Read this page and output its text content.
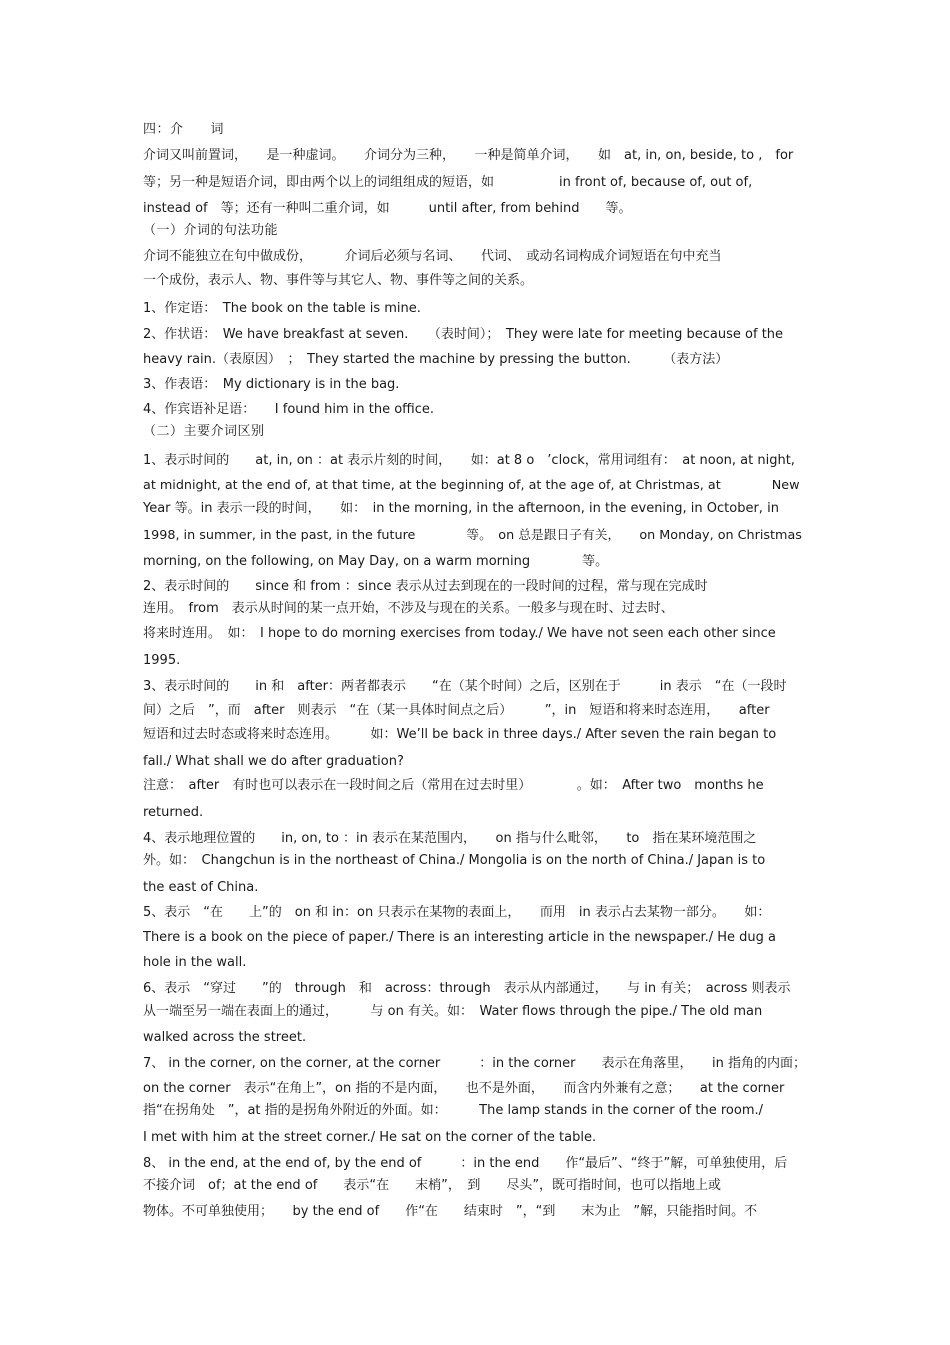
四：介　　词
介词又叫前置词，　　是一种虚词。　　介词分为三种，　　一种是简单介词，　　如　at, in, on, beside, to ,　for
等；另一种是短语介词，即由两个以上的词组组成的短语，如　　　　　in front of, because of, out of,
instead of　等；还有一种叫二重介词，如　　　until after, from behind　　等。
（一）介词的句法功能
介词不能独立在句中做成份，　　　介词后必须与名词、　　代词、　或动名词构成介词短语在句中充当
一个成份，表示人、物、事件等与其它人、物、事件等之间的关系。
1、作定语：　The book on the table is mine.
2、作状语：　We have breakfast at seven.　　（表时间）；　They were late for meeting because of the
heavy rain.（表原因）　；　They started the machine by pressing the button.　　　（表方法）
3、作表语：　My dictionary is in the bag.
4、作宾语补足语：　　I found him in the office.
（二）主要介词区别
1、表示时间的　　at, in, on ：at 表示片刻的时间，　　如：at 8 o　’clock，常用词组有：　at noon, at night,
at midnight, at the end of, at that time, at the beginning of, at the age of, at Christmas, at　　　　New
Year 等。in 表示一段的时间，　　如：　in the morning, in the afternoon, in the evening, in October, in
1998, in summer, in the past, in the future　　　　等。　on 总是跟日子有关，　　on Monday, on Christmas
morning, on the following, on May Day, on a warm morning　　　　等。
2、表示时间的　　since 和 from ：since 表示从过去到现在的一段时间的过程，常与现在完成时
连用。　from　表示从时间的某一点开始，不涉及与现在的关系。一般多与现在时、过去时、
将来时连用。　如：　I hope to do morning exercises from today./ We have not seen each other since
1995.
3、表示时间的　　in 和　after：两者都表示　　“在（某个时间）之后，区别在于　　　in 表示　“在（一段时
间）之后　”，而　after　则表示　“在（某一具体时间点之后）　　　”，in　短语和将来时态连用，　　after
短语和过去时态或将来时态连用。　　　如：We’ll be back in three days./ After seven the rain began to
fall./ What shall we do after graduation?
注意：　after　有时也可以表示在一段时间之后（常用在过去时里）　　　　。如：　After two　months he
returned.
4、表示地理位置的　　in, on, to ：in 表示在某范围内，　　on 指与什么毗邻，　　to　指在某环境范围之
外。如：　Changchun is in the northeast of China./ Mongolia is on the north of China./ Japan is to
the east of China.
5、表示　“在　　上”的　on 和 in：on 只表示在某物的表面上，　　而用　in 表示占去某物一部分。　　如：
There is a book on the piece of paper./ There is an interesting article in the newspaper./ He dug a
hole in the wall.
6、表示　“穿过　　”的　through　和　across：through　表示从内部通过，　　与 in 有关；　across 则表示
从一端至另一端在表面上的通过，　　　与 on 有关。如：　Water flows through the pipe./ The old man
walked across the street.
7、 in the corner, on the corner, at the corner　　　：in the corner　　表示在角落里，　　in 指角的内面；
on the corner　表示“在角上”，on 指的不是内面，　　也不是外面，　　而含内外兼有之意；　　at the corner
指“在拐角处　”，at 指的是拐角外附近的外面。如：　　　The lamp stands in the corner of the room./
I met with him at the street corner./ He sat on the corner of the table.
8、 in the end, at the end of, by the end of　　　：in the end　　作“最后”、“终于”解，可单独使用，后
不接介词　of；at the end of　　表示“在　　末梢”，　到　　尽头”，既可指时间，也可以指地上或
物体。不可单独使用；　　by the end of　　作“在　　结束时　”，“到　　末为止　”解，只能指时间。不
